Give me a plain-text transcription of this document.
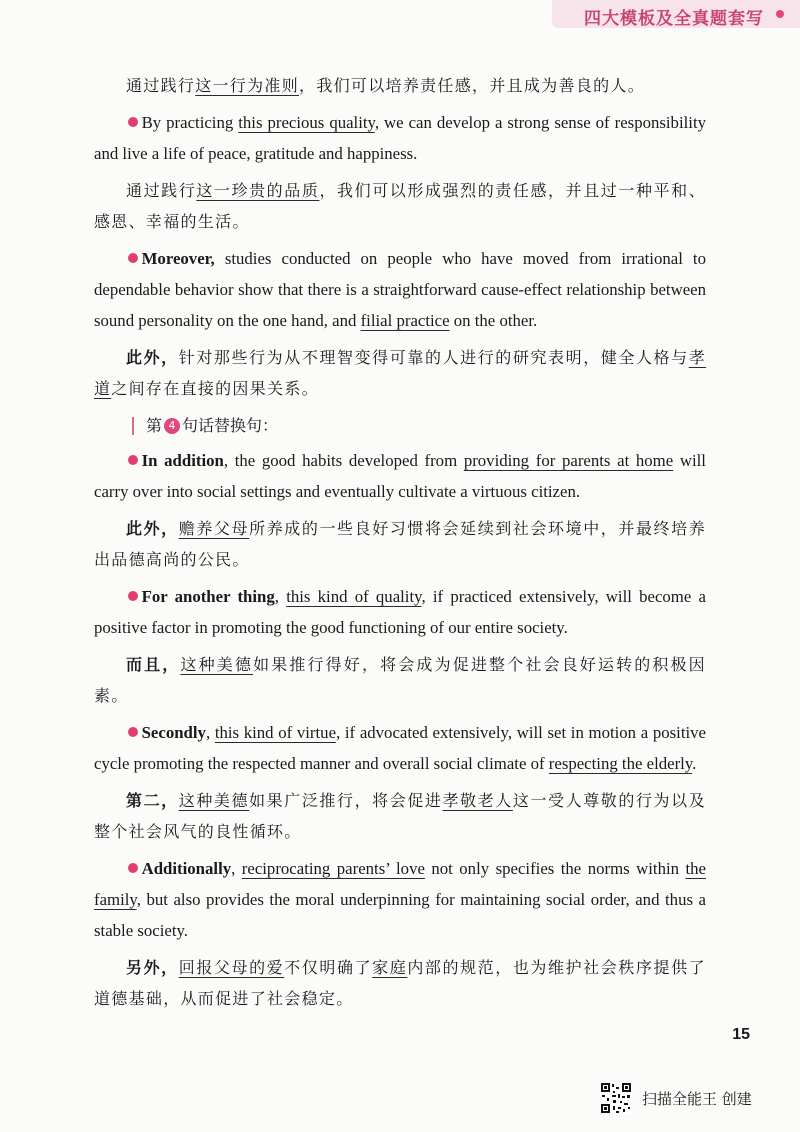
四大模板及全真题套写

通过践行这一行为准则，我们可以培养责任感，并且成为善良的人。

By practicing this precious quality, we can develop a strong sense of responsibility and live a life of peace, gratitude and happiness.

通过践行这一珍贵的品质，我们可以形成强烈的责任感，并且过一种平和、感恩、幸福的生活。

Moreover, studies conducted on people who have moved from irrational to dependable behavior show that there is a straightforward cause-effect relationship between sound personality on the one hand, and filial practice on the other.

此外，针对那些行为从不理智变得可靠的人进行的研究表明，健全人格与孝道之间存在直接的因果关系。

第 4 句话替换句：

In addition, the good habits developed from providing for parents at home will carry over into social settings and eventually cultivate a virtuous citizen.

此外，赡养父母所养成的一些良好习惯将会延续到社会环境中，并最终培养出品德高尚的公民。

For another thing, this kind of quality, if practiced extensively, will become a positive factor in promoting the good functioning of our entire society.

而且，这种美德如果推行得好，将会成为促进整个社会良好运转的积极因素。

Secondly, this kind of virtue, if advocated extensively, will set in motion a positive cycle promoting the respected manner and overall social climate of respecting the elderly.

第二，这种美德如果广泛推行，将会促进孝敬老人这一受人尊敬的行为以及整个社会风气的良性循环。

Additionally, reciprocating parents’ love not only specifies the norms within the family, but also provides the moral underpinning for maintaining social order, and thus a stable society.

另外，回报父母的爱不仅明确了家庭内部的规范，也为维护社会秩序提供了道德基础，从而促进了社会稳定。

15
扫描全能王 创建
